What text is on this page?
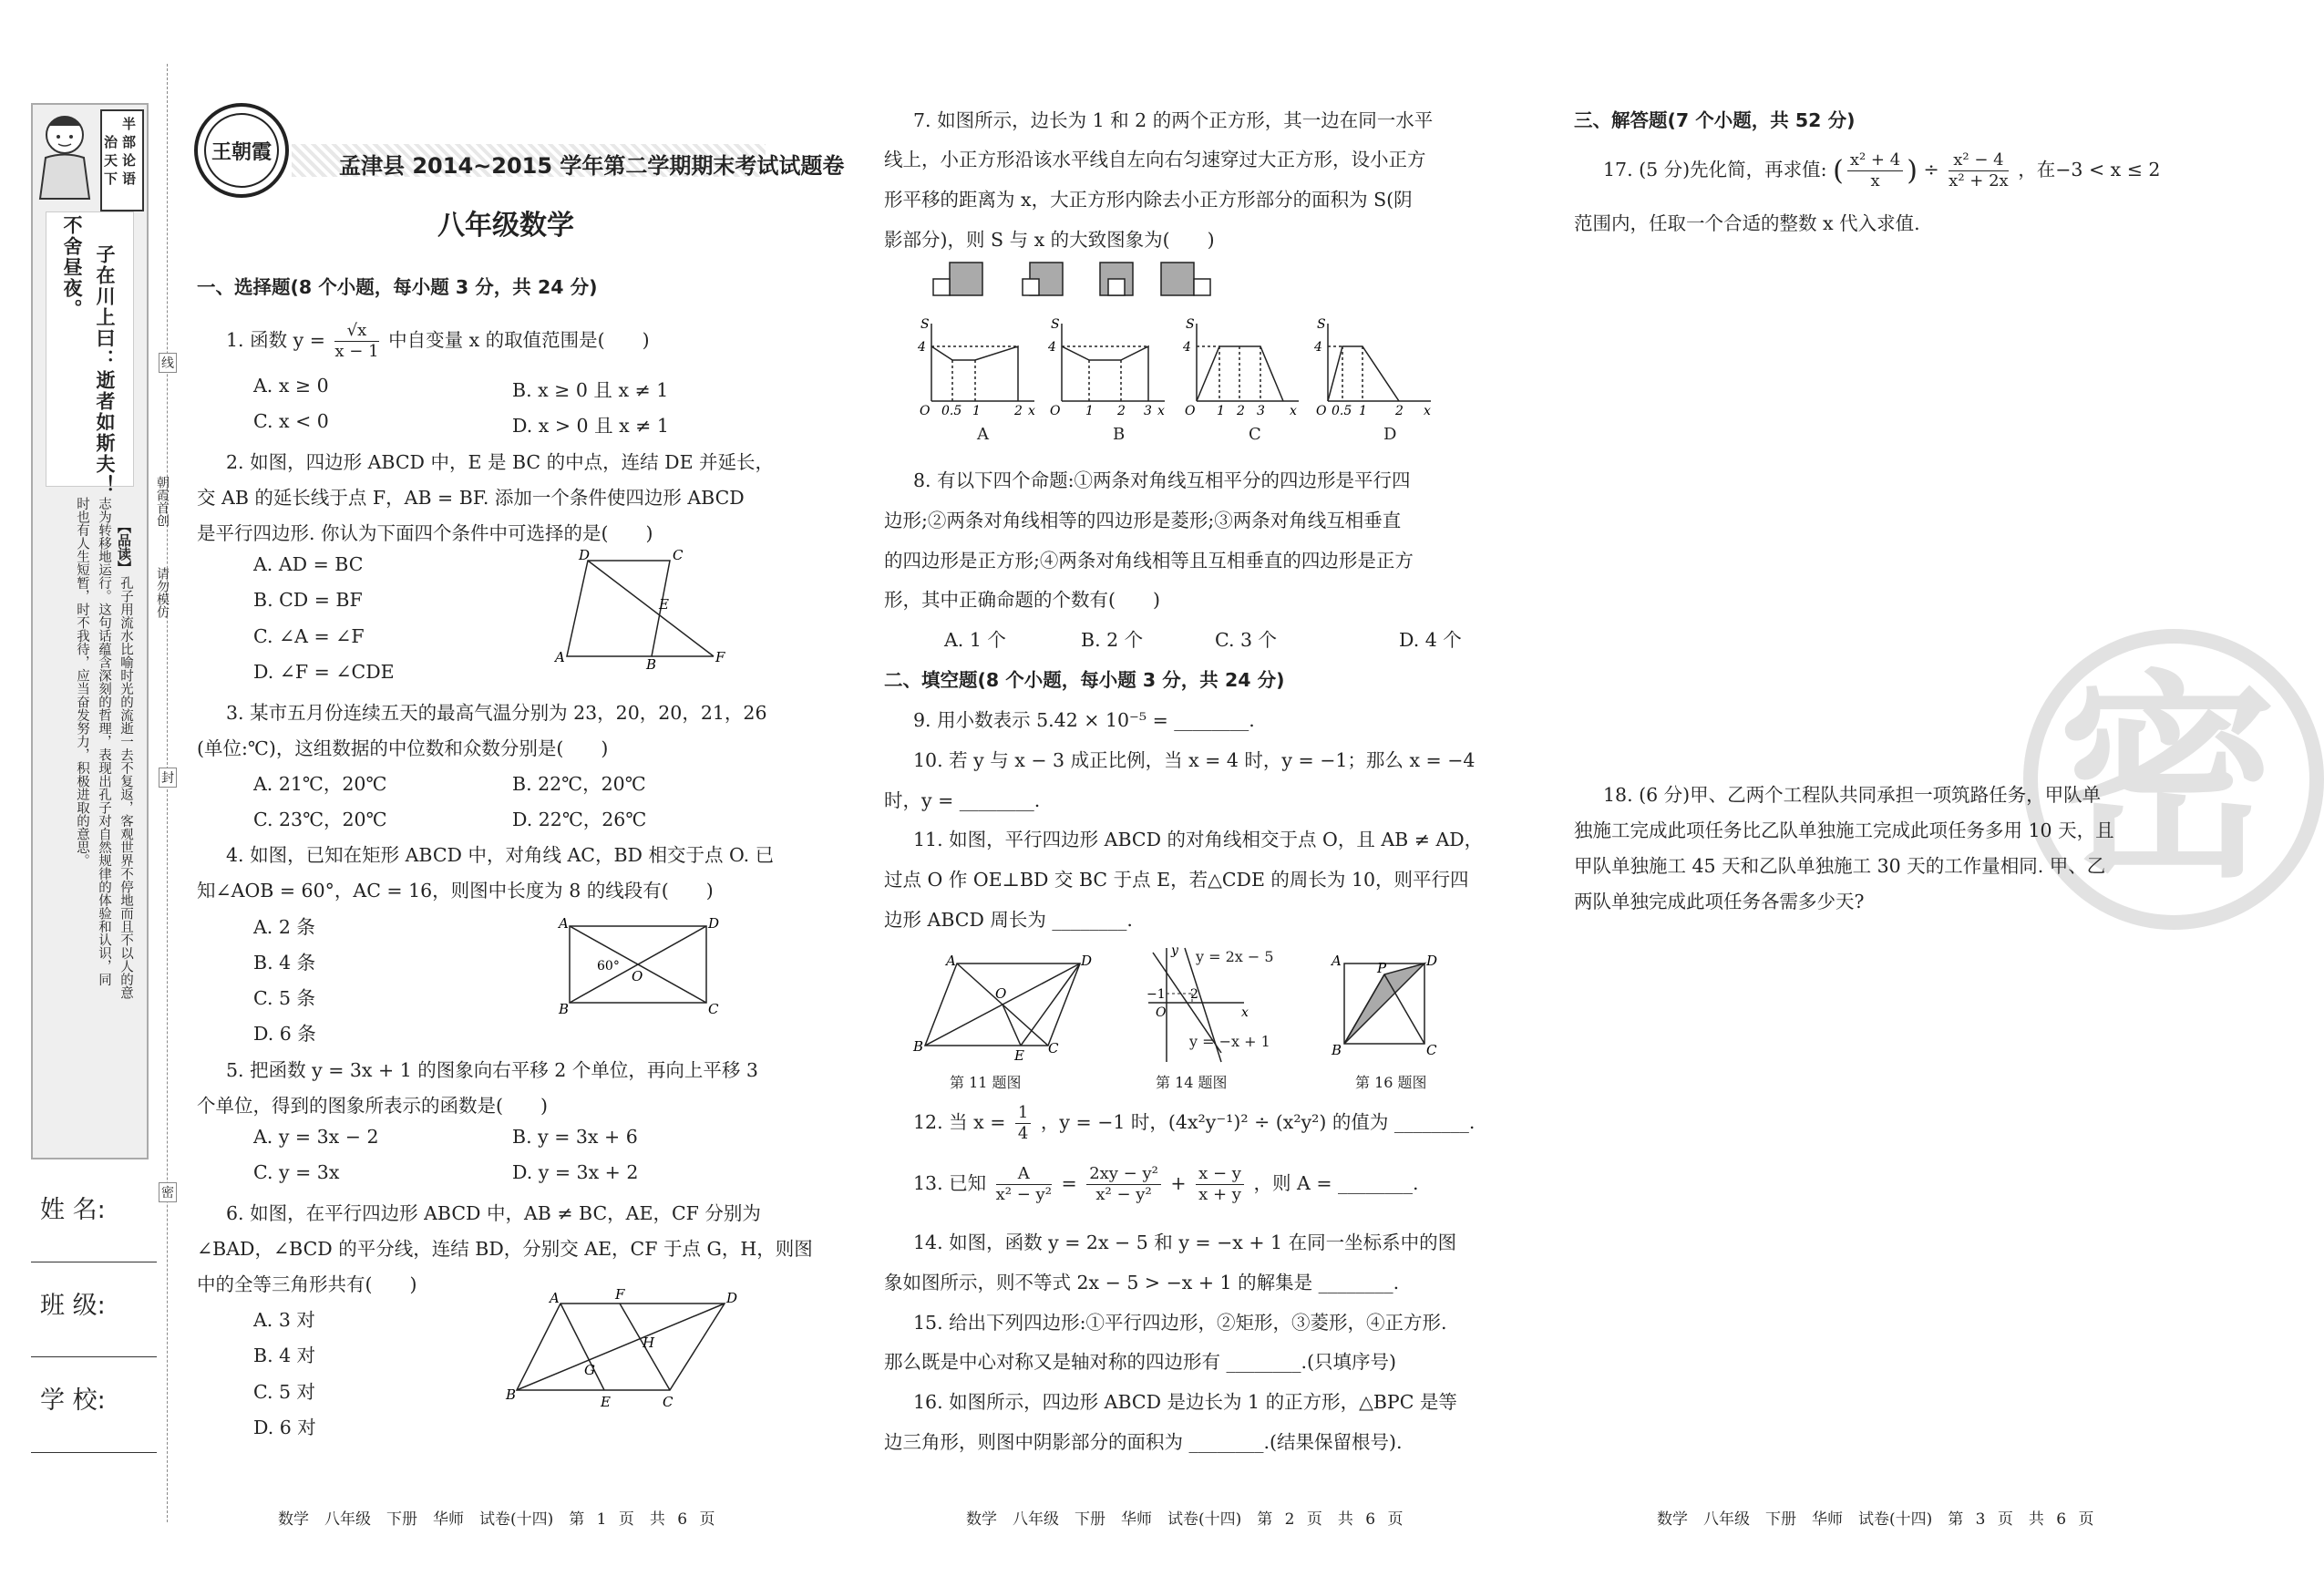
半
部
论
语
治
天
下
不舍昼夜。 子在川上曰：逝者如斯夫！
【品读】
孔子用流水比喻时光的流逝一去不复返，客观世界不停地而且不以人的意
志为转移地运行。这句话蕴含深刻的哲理，表现出孔子对自然规律的体验和认识，同
时也有人生短暂，时不我待，应当奋发努力，积极进取的意思。
线
封
密
朝霞首创
请勿模仿
姓 名:
班 级:
学 校:
王朝霞
孟津县 2014~2015 学年第二学期期末考试试题卷
八年级数学
一、选择题(8 个小题，每小题 3 分，共 24 分)
1. 函数 $y = \frac{√x}{x - 1}$ 中自变量 x 的取值范围是(　　)
A. x ≥ 0	B. x ≥ 0 且 x ≠ 1
C. x < 0	D. x > 0 且 x ≠ 1
2. 如图，四边形 ABCD 中，E 是 BC 的中点，连结 DE 并延长，
交 AB 的延长线于点 F，AB = BF. 添加一个条件使四边形 ABCD
是平行四边形. 你认为下面四个条件中可选择的是(　　)
A. AD = BC
B. CD = BF
C. ∠A = ∠F
D. ∠F = ∠CDE
D	C
E
A	B	F
3. 某市五月份连续五天的最高气温分别为 23，20，20，21，26
(单位:℃)，这组数据的中位数和众数分别是(　　)
A. 21℃，20℃	B. 22℃，20℃
C. 23℃，20℃	D. 22℃，26℃
4. 如图，已知在矩形 ABCD 中，对角线 AC，BD 相交于点 O. 已
知∠AOB = 60°，AC = 16，则图中长度为 8 的线段有(　　)
A. 2 条
B. 4 条
C. 5 条
D. 6 条
A	D
B	C
O
60°
5. 把函数 y = 3x + 1 的图象向右平移 2 个单位，再向上平移 3
个单位，得到的图象所表示的函数是(　　)
A. y = 3x − 2	B. y = 3x + 6
C. y = 3x	D. y = 3x + 2
6. 如图，在平行四边形 ABCD 中，AB ≠ BC，AE，CF 分别为
∠BAD，∠BCD 的平分线，连结 BD，分别交 AE，CF 于点 G，H，则图
中的全等三角形共有(　　)
A. 3 对
B. 4 对
C. 5 对
D. 6 对
A	F	D
H
G
B	E	C
数学　八年级　下册　华师　试卷(十四)　第 1 页　共 6 页
7. 如图所示，边长为 1 和 2 的两个正方形，其一边在同一水平
线上，小正方形沿该水平线自左向右匀速穿过大正方形，设小正方
形平移的距离为 x，大正方形内除去小正方形部分的面积为 S(阴
影部分)，则 S 与 x 的大致图象为(　　)
S
4
O 0.5 1	2 x
S
4
O 1 2 3 x
S
4
O 1 2 3 x
S
4
O 0.5 1 2 x
A	B	C	D
8. 有以下四个命题:①两条对角线互相平分的四边形是平行四
边形;②两条对角线相等的四边形是菱形;③两条对角线互相垂直
的四边形是正方形;④两条对角线相等且互相垂直的四边形是正方
形，其中正确命题的个数有(　　)
A. 1 个	B. 2 个	C. 3 个	D. 4 个
二、填空题(8 个小题，每小题 3 分，共 24 分)
9. 用小数表示 5.42 × 10⁻⁵ = ________.
10. 若 y 与 x − 3 成正比例，当 x = 4 时，y = −1；那么 x = −4
时，y = ________.
11. 如图，平行四边形 ABCD 的对角线相交于点 O，且 AB ≠ AD，
过点 O 作 OE⊥BD 交 BC 于点 E，若△CDE 的周长为 10，则平行四
边形 ABCD 周长为 ________.
A	D
O
B
E C
第 11 题图
y
x
O
−1 2
y = 2x − 5
y = −x + 1
第 14 题图
A	P	D
B	C
第 16 题图
12. 当 $x = \frac{1}{4}$ ，y = −1 时，(4x²y⁻¹)² ÷ (x²y²) 的值为 ________.
13. 已知 $\frac{A}{\text{x² − y²}} = \frac{\text{2xy − y²}}{\text{x² − y²}} + \frac{x - y}{x + y}$ ，则 A = ________.
14. 如图，函数 y = 2x − 5 和 y = −x + 1 在同一坐标系中的图
象如图所示，则不等式 2x − 5 > −x + 1 的解集是 ________.
15. 给出下列四边形:①平行四边形，②矩形，③菱形，④正方形.
那么既是中心对称又是轴对称的四边形有 ________.(只填序号)
16. 如图所示，四边形 ABCD 是边长为 1 的正方形，△BPC 是等
边三角形，则图中阴影部分的面积为 ________.(结果保留根号).
数学　八年级　下册　华师　试卷(十四)　第 2 页　共 6 页
三、解答题(7 个小题，共 52 分)
17. (5 分)先化简，再求值: ( $\frac{\text{x² + 4}}{x}$ ) ÷ $\frac{\text{x² − 4}}{\text{x² + 2x}}$ ，在−3 < x ≤ 2
范围内，任取一个合适的整数 x 代入求值.
密
18. (6 分)甲、乙两个工程队共同承担一项筑路任务，甲队单
独施工完成此项任务比乙队单独施工完成此项任务多用 10 天，且
甲队单独施工 45 天和乙队单独施工 30 天的工作量相同. 甲、乙
两队单独完成此项任务各需多少天?
数学　八年级　下册　华师　试卷(十四)　第 3 页　共 6 页
